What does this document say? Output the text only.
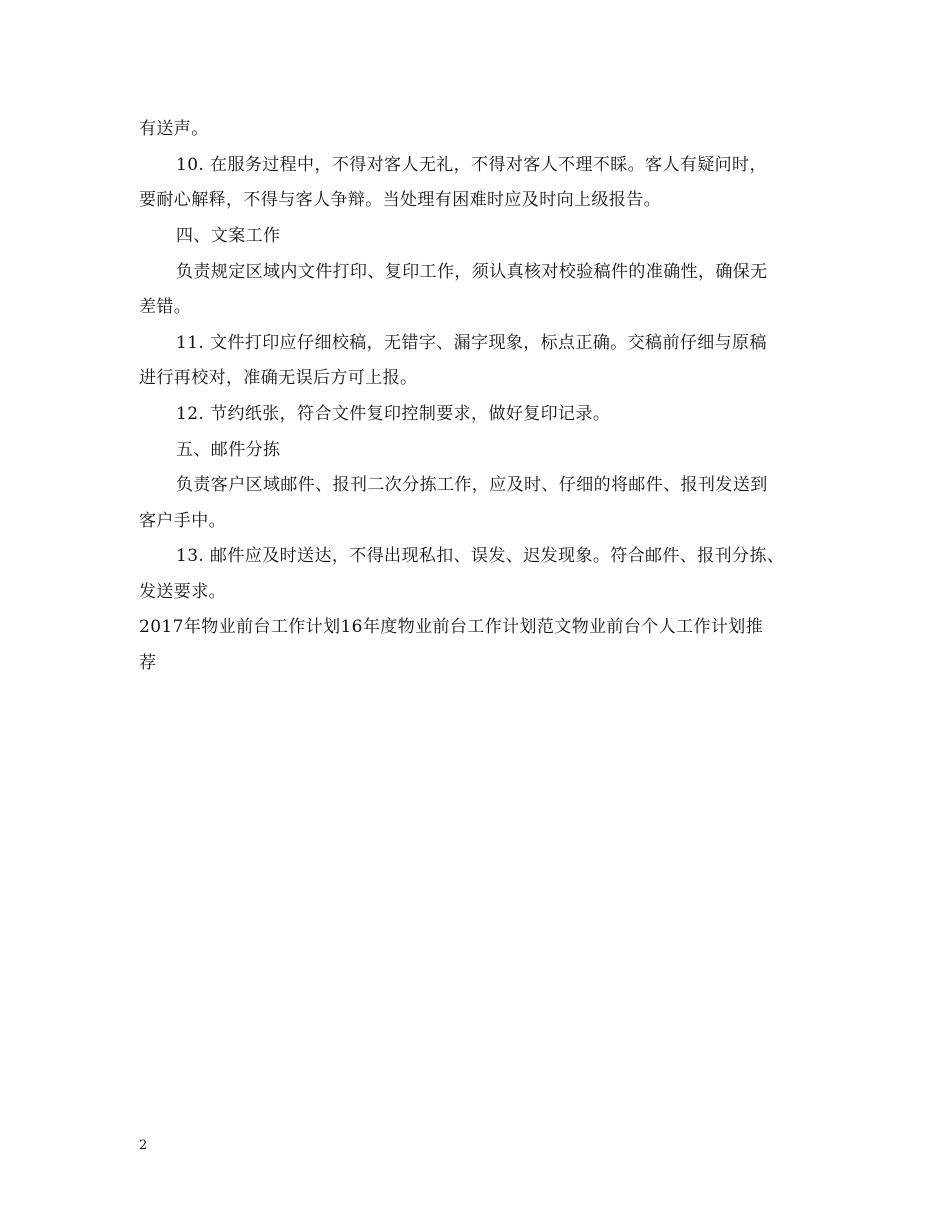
有送声。
10. 在服务过程中，不得对客人无礼，不得对客人不理不睬。客人有疑问时，
要耐心解释，不得与客人争辩。当处理有困难时应及时向上级报告。
四、文案工作
负责规定区域内文件打印、复印工作，须认真核对校验稿件的准确性，确保无
差错。
11. 文件打印应仔细校稿，无错字、漏字现象，标点正确。交稿前仔细与原稿
进行再校对，准确无误后方可上报。
12. 节约纸张，符合文件复印控制要求，做好复印记录。
五、邮件分拣
负责客户区域邮件、报刊二次分拣工作，应及时、仔细的将邮件、报刊发送到
客户手中。
13. 邮件应及时送达，不得出现私扣、误发、迟发现象。符合邮件、报刊分拣、
发送要求。
2017年物业前台工作计划16年度物业前台工作计划范文物业前台个人工作计划推
荐
2
